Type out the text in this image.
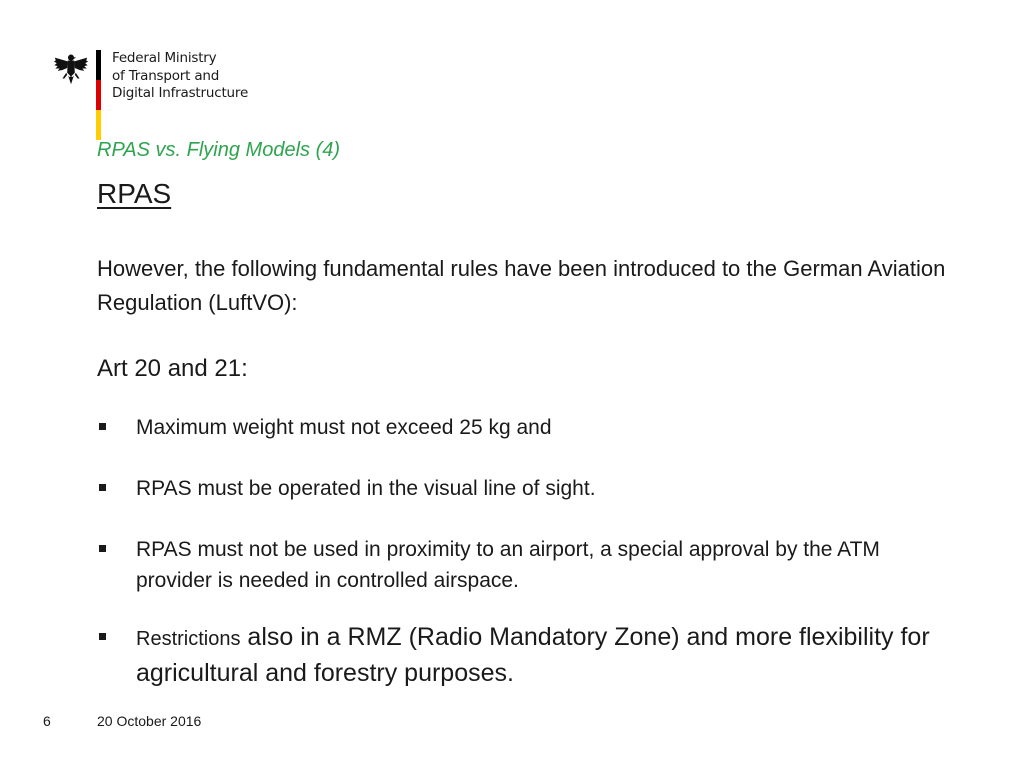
Federal Ministry
of Transport and
Digital Infrastructure
RPAS vs. Flying Models (4)
RPAS
However, the following fundamental rules have been introduced to the German Aviation Regulation (LuftVO):
Art 20 and 21:
Maximum weight must not exceed 25 kg and
RPAS must be operated in the visual line of sight.
RPAS must not be used in proximity to an airport, a special approval by the ATM provider is needed in controlled airspace.
Restrictions also in a RMZ (Radio Mandatory Zone) and more flexibility for agricultural and forestry purposes.
6	20 October 2016
